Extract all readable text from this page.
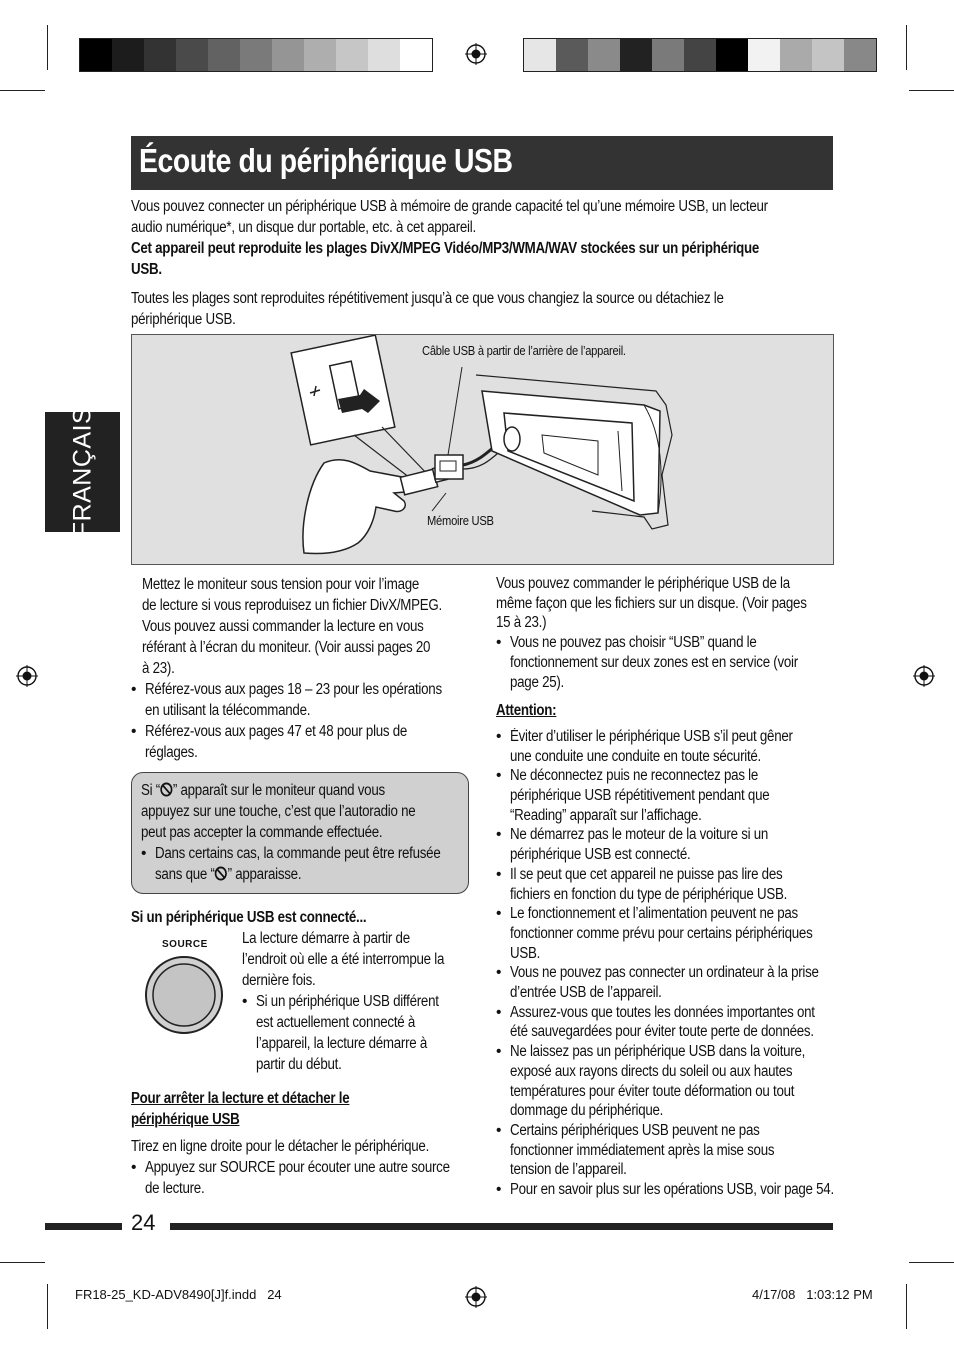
Écoute du périphérique USB
FRANÇAIS
Vous pouvez connecter un périphérique USB à mémoire de grande capacité tel qu’une mémoire USB, un lecteur
audio numérique*, un disque dur portable, etc. à cet appareil.
Cet appareil peut reproduite les plages DivX/MPEG Vidéo/MP3/WMA/WAV stockées sur un périphérique
USB.
Toutes les plages sont reproduites répétitivement jusqu’à ce que vous changiez la source ou détachiez le
périphérique USB.
Câble USB à partir de l’arrière de l’appareil.
Mémoire USB
Mettez le moniteur sous tension pour voir l’image
de lecture si vous reproduisez un fichier DivX/MPEG.
Vous pouvez aussi commander la lecture en vous
référant à l’écran du moniteur. (Voir aussi pages 20
à 23).
• Référez-vous aux pages 18 – 23 pour les opérations
en utilisant la télécommande.
• Référez-vous aux pages 47 et 48 pour plus de
réglages.
Si “ ” apparaît sur le moniteur quand vous
appuyez sur une touche, c’est que l’autoradio ne
peut pas accepter la commande effectuée.
• Dans certains cas, la commande peut être refusée
sans que “ ” apparaisse.
Si un périphérique USB est connecté...
SOURCE La lecture démarre à partir de
l’endroit où elle a été interrompue la
dernière fois.
• Si un périphérique USB différent
est actuellement connecté à
l’appareil, la lecture démarre à
partir du début.
Pour arrêter la lecture et détacher le
périphérique USB
Tirez en ligne droite pour le détacher le périphérique.
• Appuyez sur SOURCE pour écouter une autre source
de lecture.
Vous pouvez commander le périphérique USB de la
même façon que les fichiers sur un disque. (Voir pages
15 à 23.)
• Vous ne pouvez pas choisir “USB” quand le
fonctionnement sur deux zones est en service (voir
page 25).
Attention:
• Éviter d’utiliser le périphérique USB s’il peut gêner
une conduite une conduite en toute sécurité.
• Ne déconnectez puis ne reconnectez pas le
périphérique USB répétitivement pendant que
“Reading” apparaît sur l’affichage.
• Ne démarrez pas le moteur de la voiture si un
périphérique USB est connecté.
• Il se peut que cet appareil ne puisse pas lire des
fichiers en fonction du type de périphérique USB.
• Le fonctionnement et l’alimentation peuvent ne pas
fonctionner comme prévu pour certains périphériques
USB.
• Vous ne pouvez pas connecter un ordinateur à la prise
d’entrée USB de l’appareil.
• Assurez-vous que toutes les données importantes ont
été sauvegardées pour éviter toute perte de données.
• Ne laissez pas un périphérique USB dans la voiture,
exposé aux rayons directs du soleil ou aux hautes
températures pour éviter toute déformation ou tout
dommage du périphérique.
• Certains périphériques USB peuvent ne pas
fonctionner immédiatement après la mise sous
tension de l’appareil.
• Pour en savoir plus sur les opérations USB, voir page 54.
24
FR18-25_KD-ADV8490[J]f.indd   24	4/17/08   1:03:12 PM
